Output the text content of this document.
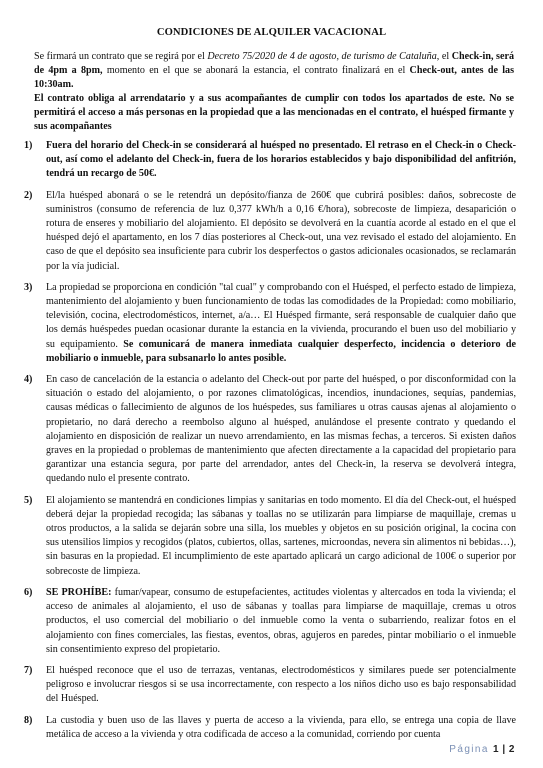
CONDICIONES DE ALQUILER VACACIONAL
Se firmará un contrato que se regirá por el Decreto 75/2020 de 4 de agosto, de turismo de Cataluña, el Check-in, será de 4pm a 8pm, momento en el que se abonará la estancia, el contrato finalizará en el Check-out, antes de las 10:30am.
El contrato obliga al arrendatario y a sus acompañantes de cumplir con todos los apartados de este. No se permitirá el acceso a más personas en la propiedad que a las mencionadas en el contrato, el huésped firmante y sus acompañantes
1) Fuera del horario del Check-in se considerará al huésped no presentado. El retraso en el Check-in o Check-out, así como el adelanto del Check-in, fuera de los horarios establecidos y bajo disponibilidad del anfitrión, tendrá un recargo de 50€.
2) El/la huésped abonará o se le retendrá un depósito/fianza de 260€ que cubrirá posibles: daños, sobrecoste de suministros (consumo de referencia de luz 0,377 kWh/h a 0,16 €/hora), sobrecoste de limpieza, desaparición o rotura de enseres y mobiliario del alojamiento. El depósito se devolverá en la cuantía acorde al estado en el que el huésped dejó el apartamento, en los 7 días posteriores al Check-out, una vez revisado el estado del alojamiento. En caso de que el depósito sea insuficiente para cubrir los desperfectos o gastos adicionales ocasionados, se reclamarán por la vía judicial.
3) La propiedad se proporciona en condición "tal cual" y comprobando con el Huésped, el perfecto estado de limpieza, mantenimiento del alojamiento y buen funcionamiento de todas las comodidades de la Propiedad: como mobiliario, televisión, cocina, electrodomésticos, internet, a/a… El Huésped firmante, será responsable de cualquier daño que los demás huéspedes puedan ocasionar durante la estancia en la vivienda, procurando el buen uso del mobiliario y su equipamiento. Se comunicará de manera inmediata cualquier desperfecto, incidencia o deterioro de mobiliario o inmueble, para subsanarlo lo antes posible.
4) En caso de cancelación de la estancia o adelanto del Check-out por parte del huésped, o por disconformidad con la situación o estado del alojamiento, o por razones climatológicas, incendios, inundaciones, sequías, pandemias, causas médicas o fallecimiento de algunos de los huéspedes, sus familiares u otras causas ajenas al alojamiento o propietario, no dará derecho a reembolso alguno al huésped, anulándose el presente contrato y quedando el alojamiento en disposición de realizar un nuevo arrendamiento, en las mismas fechas, a terceros. Si existen daños graves en la propiedad o problemas de mantenimiento que afecten directamente a la capacidad del propietario para garantizar una estancia segura, por parte del arrendador, antes del Check-in, la reserva se devolverá íntegra, quedando nulo el presente contrato.
5) El alojamiento se mantendrá en condiciones limpias y sanitarias en todo momento. El día del Check-out, el huésped deberá dejar la propiedad recogida; las sábanas y toallas no se utilizarán para limpiarse de maquillaje, cremas u otros productos, a la salida se dejarán sobre una silla, los muebles y objetos en su posición original, la cocina con sus utensilios limpios y recogidos (platos, cubiertos, ollas, sartenes, microondas, nevera sin alimentos ni bebidas…), sin basuras en la propiedad. El incumplimiento de este apartado aplicará un cargo adicional de 100€ o superior por sobrecoste de limpieza.
6) SE PROHÍBE: fumar/vapear, consumo de estupefacientes, actitudes violentas y altercados en toda la vivienda; el acceso de animales al alojamiento, el uso de sábanas y toallas para limpiarse de maquillaje, cremas u otros productos, el uso comercial del mobiliario o del inmueble como la venta o subarriendo, realizar fotos en el alojamiento con fines comerciales, las fiestas, eventos, obras, agujeros en paredes, pintar mobiliario o el inmueble sin consentimiento expreso del propietario.
7) El huésped reconoce que el uso de terrazas, ventanas, electrodomésticos y similares puede ser potencialmente peligroso e involucrar riesgos si se usa incorrectamente, con respecto a los niños dicho uso es bajo responsabilidad del Huésped.
8) La custodia y buen uso de las llaves y puerta de acceso a la vivienda, para ello, se entrega una copia de llave metálica de acceso a la vivienda y otra codificada de acceso a la comunidad, corriendo por cuenta
Página 1 | 2
